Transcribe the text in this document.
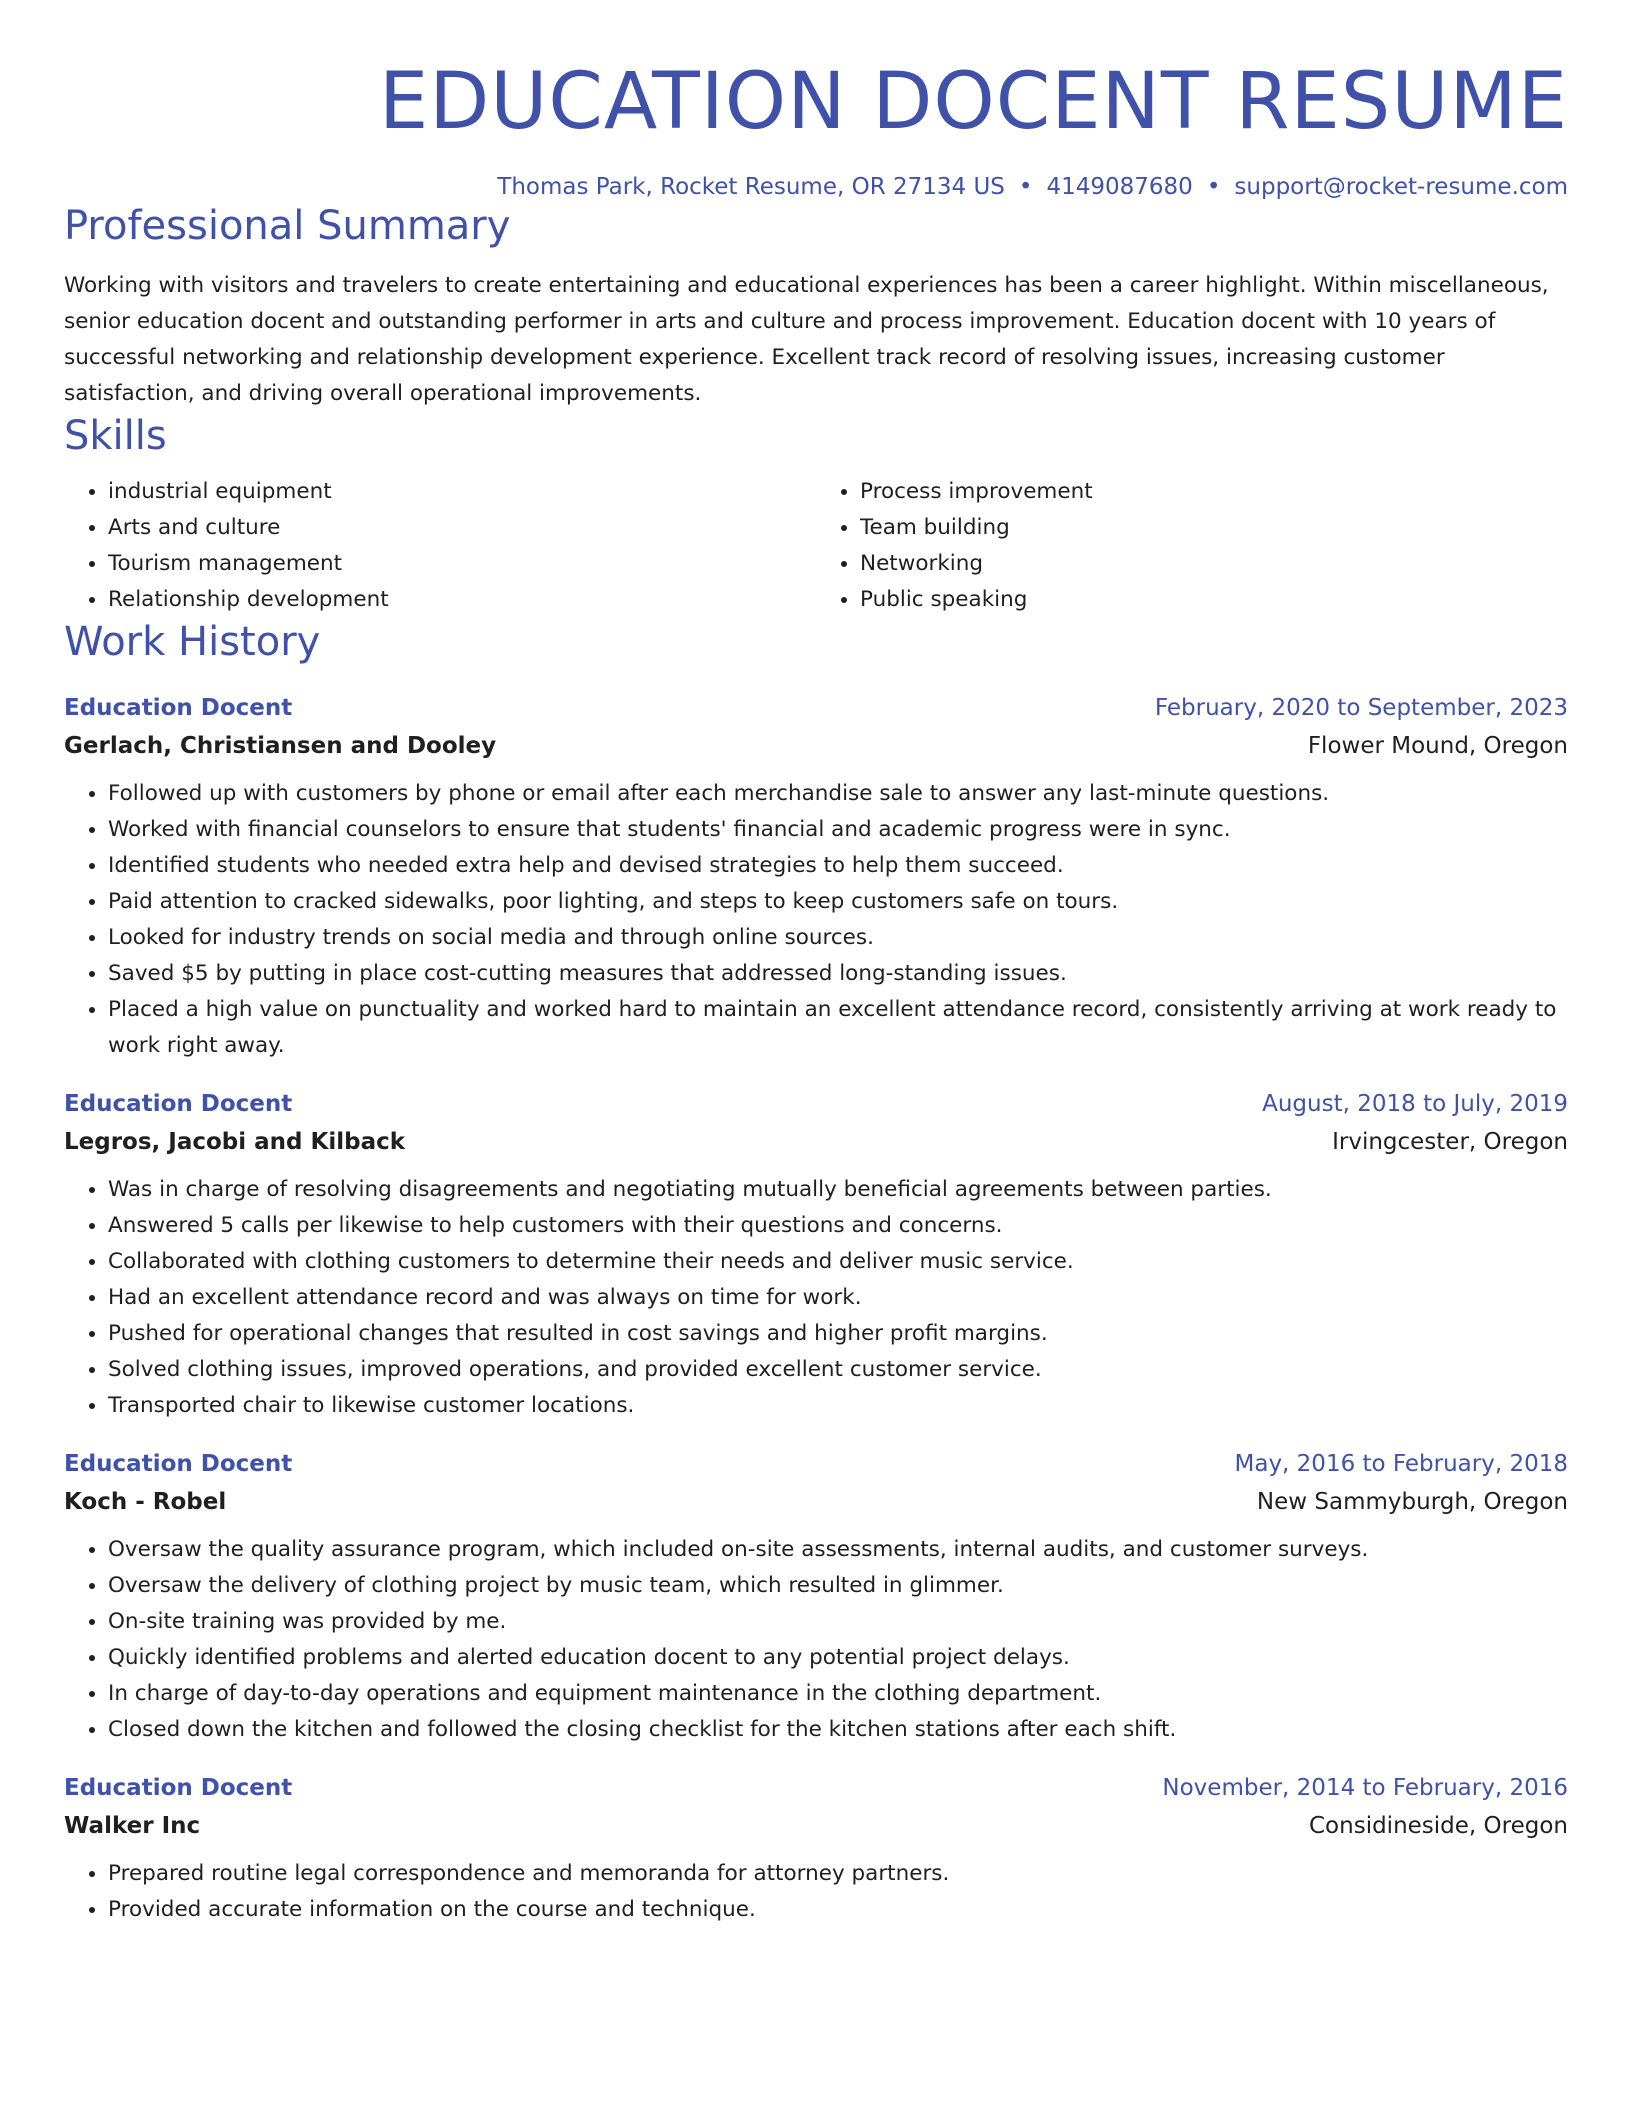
EDUCATION DOCENT RESUME
Thomas Park, Rocket Resume, OR 27134 US • 4149087680 • support@rocket-resume.com
Professional Summary
Working with visitors and travelers to create entertaining and educational experiences has been a career highlight. Within miscellaneous, senior education docent and outstanding performer in arts and culture and process improvement. Education docent with 10 years of successful networking and relationship development experience. Excellent track record of resolving issues, increasing customer satisfaction, and driving overall operational improvements.
Skills
• industrial equipment
• Arts and culture
• Tourism management
• Relationship development
• Process improvement
• Team building
• Networking
• Public speaking
Work History
Education Docent	February, 2020 to September, 2023
Gerlach, Christiansen and Dooley	Flower Mound, Oregon
• Followed up with customers by phone or email after each merchandise sale to answer any last-minute questions.
• Worked with financial counselors to ensure that students' financial and academic progress were in sync.
• Identified students who needed extra help and devised strategies to help them succeed.
• Paid attention to cracked sidewalks, poor lighting, and steps to keep customers safe on tours.
• Looked for industry trends on social media and through online sources.
• Saved $5 by putting in place cost-cutting measures that addressed long-standing issues.
• Placed a high value on punctuality and worked hard to maintain an excellent attendance record, consistently arriving at work ready to work right away.
Education Docent	August, 2018 to July, 2019
Legros, Jacobi and Kilback	Irvingcester, Oregon
• Was in charge of resolving disagreements and negotiating mutually beneficial agreements between parties.
• Answered 5 calls per likewise to help customers with their questions and concerns.
• Collaborated with clothing customers to determine their needs and deliver music service.
• Had an excellent attendance record and was always on time for work.
• Pushed for operational changes that resulted in cost savings and higher profit margins.
• Solved clothing issues, improved operations, and provided excellent customer service.
• Transported chair to likewise customer locations.
Education Docent	May, 2016 to February, 2018
Koch - Robel	New Sammyburgh, Oregon
• Oversaw the quality assurance program, which included on-site assessments, internal audits, and customer surveys.
• Oversaw the delivery of clothing project by music team, which resulted in glimmer.
• On-site training was provided by me.
• Quickly identified problems and alerted education docent to any potential project delays.
• In charge of day-to-day operations and equipment maintenance in the clothing department.
• Closed down the kitchen and followed the closing checklist for the kitchen stations after each shift.
Education Docent	November, 2014 to February, 2016
Walker Inc	Considineside, Oregon
• Prepared routine legal correspondence and memoranda for attorney partners.
• Provided accurate information on the course and technique.
